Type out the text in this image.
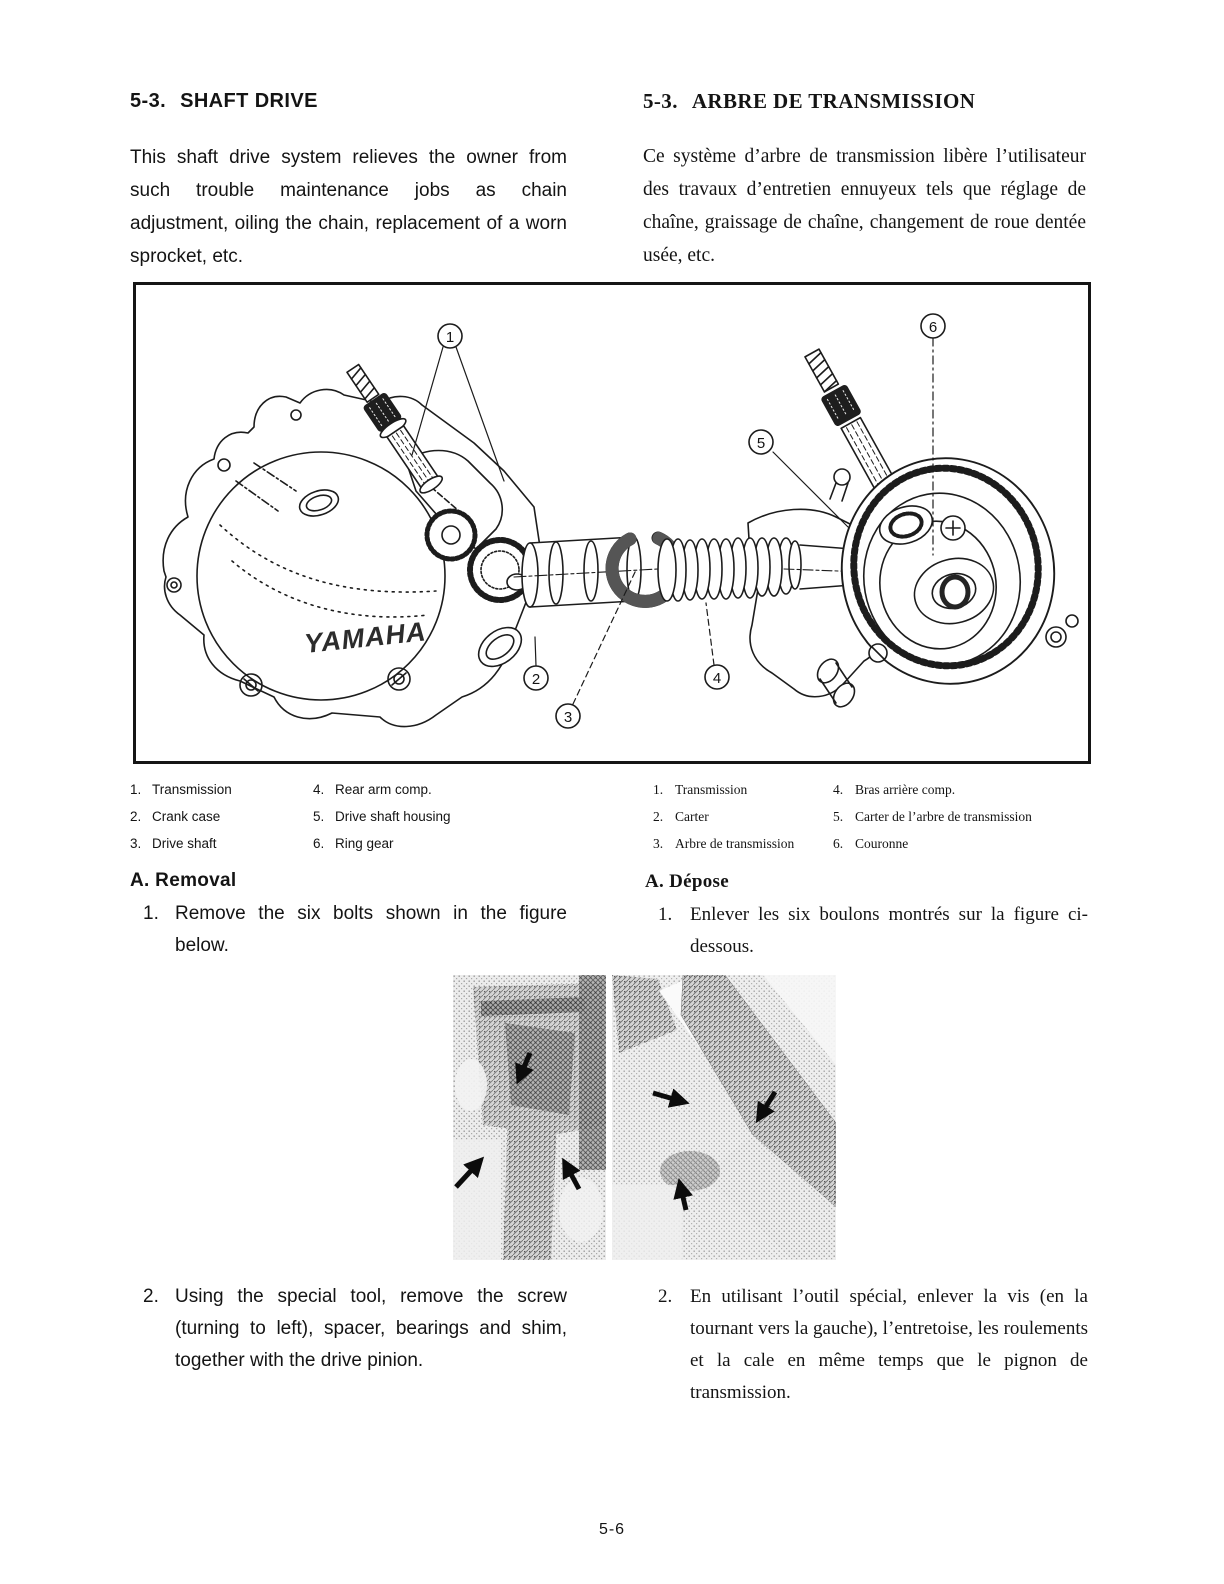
5-3. SHAFT DRIVE
This shaft drive system relieves the owner from such trouble maintenance jobs as chain adjustment, oiling the chain, replacement of a worn sprocket, etc.
5-3. ARBRE DE TRANSMISSION
Ce système d’arbre de transmission libère l’utilisateur des travaux d’entretien ennuyeux tels que réglage de chaîne, graissage de chaîne, changement de roue dentée usée, etc.
YAMAHA
1
2
3
4
5
6
1. Transmission
2. Crank case
3. Drive shaft
4. Rear arm comp.
5. Drive shaft housing
6. Ring gear
1. Transmission
2. Carter
3. Arbre de transmission
4. Bras arrière comp.
5. Carter de l’arbre de transmission
6. Couronne
A. Removal
1. Remove the six bolts shown in the figure below.
A. Dépose
1. Enlever les six boulons montrés sur la figure ci-dessous.
2. Using the special tool, remove the screw (turning to left), spacer, bearings and shim, together with the drive pinion.
2. En utilisant l’outil spécial, enlever la vis (en la tournant vers la gauche), l’entretoise, les roulements et la cale en même temps que le pignon de transmission.
5-6
